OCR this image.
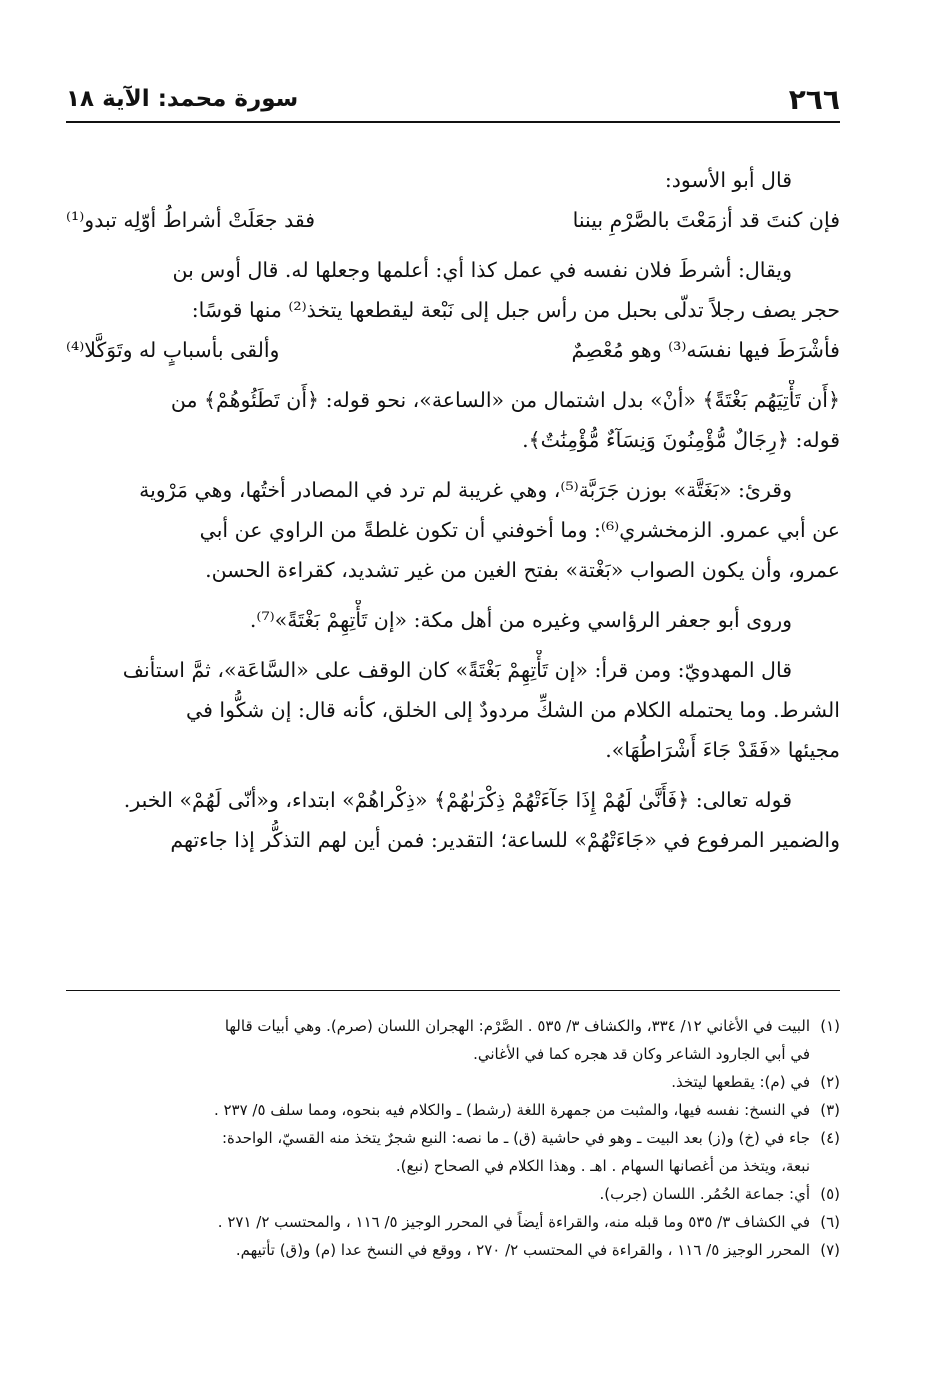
٢٦٦
سورة محمد: الآية ١٨
قال أبو الأسود:
فإن كنتَ قد أزمَعْتَ بالصَّرْمِ بيننا
فقد جعَلَتْ أشراطُ أوّلِه تبدو⁽¹⁾
ويقال: أشرطَ فلان نفسه في عمل كذا أي: أعلمها وجعلها له. قال أوس بن
حجر يصف رجلاً تدلّى بحبل من رأس جبل إلى نَبْعة ليقطعها يتخذ⁽²⁾ منها قوسًا:
فأشْرَطَ فيها نفسَه⁽³⁾ وهو مُعْصِمٌ
وألقى بأسبابٍ له وتَوَكَّلا⁽⁴⁾
﴿أَن تَأْتِيَهُم بَغْتَةً﴾ «أنْ» بدل اشتمال من «الساعة»، نحو قوله: ﴿أَن تَطَئُوهُمْ﴾ من
قوله: ﴿رِجَالٌ مُّؤْمِنُونَ وَنِسَآءٌ مُّؤْمِنَٰتٌ﴾.
وقرئ: «بَغَتَّة» بوزن جَرَبَّة⁽⁵⁾، وهي غريبة لم ترد في المصادر أختُها، وهي مَرْوية
عن أبي عمرو. الزمخشري⁽⁶⁾: وما أخوفني أن تكون غلطةً من الراوي عن أبي
عمرو، وأن يكون الصواب «بَغْتة» بفتح الغين من غير تشديد، كقراءة الحسن.
وروى أبو جعفر الرؤاسي وغيره من أهل مكة: «إن تَأْتِهِمْ بَغْتَةً»⁽⁷⁾.
قال المهدويّ: ومن قرأ: «إن تَأْتِهِمْ بَغْتَةً» كان الوقف على «السَّاعَة»، ثمَّ استأنف
الشرط. وما يحتمله الكلام من الشكِّ مردودٌ إلى الخلق، كأنه قال: إن شكُّوا في
مجيئها «فَقَدْ جَاءَ أَشْرَاطُهَا».
قوله تعالى: ﴿فَأَنَّىٰ لَهُمْ إِذَا جَآءَتْهُمْ ذِكْرَىٰهُمْ﴾ «ذِكْراهُمْ» ابتداء، و«أنّى لَهُمْ» الخبر.
والضمير المرفوع في «جَاءَتْهُمْ» للساعة؛ التقدير: فمن أين لهم التذكُّر إذا جاءتهم
(١)
البيت في الأغاني ١٢/ ٣٣٤، والكشاف ٣/ ٥٣٥ . الصَّرْم: الهجران اللسان (صرم). وهي أبيات قالها
في أبي الجارود الشاعر وكان قد هجره كما في الأغاني.
(٢)
في (م): يقطعها ليتخذ.
(٣)
في النسخ: نفسه فيها، والمثبت من جمهرة اللغة (رشط) ـ والكلام فيه بنحوه، ومما سلف ٥/ ٢٣٧ .
(٤)
جاء في (خ) و(ز) بعد البيت ـ وهو في حاشية (ق) ـ ما نصه: النبع شجرٌ يتخذ منه القسيّ، الواحدة:
نبعة، ويتخذ من أغصانها السهام . اهـ . وهذا الكلام في الصحاح (نبع).
(٥)
أي: جماعة الحُمُر. اللسان (جرب).
(٦)
في الكشاف ٣/ ٥٣٥ وما قبله منه، والقراءة أيضاً في المحرر الوجيز ٥/ ١١٦ ، والمحتسب ٢/ ٢٧١ .
(٧)
المحرر الوجيز ٥/ ١١٦ ، والقراءة في المحتسب ٢/ ٢٧٠ ، ووقع في النسخ عدا (م) و(ق) تأتيهم.
